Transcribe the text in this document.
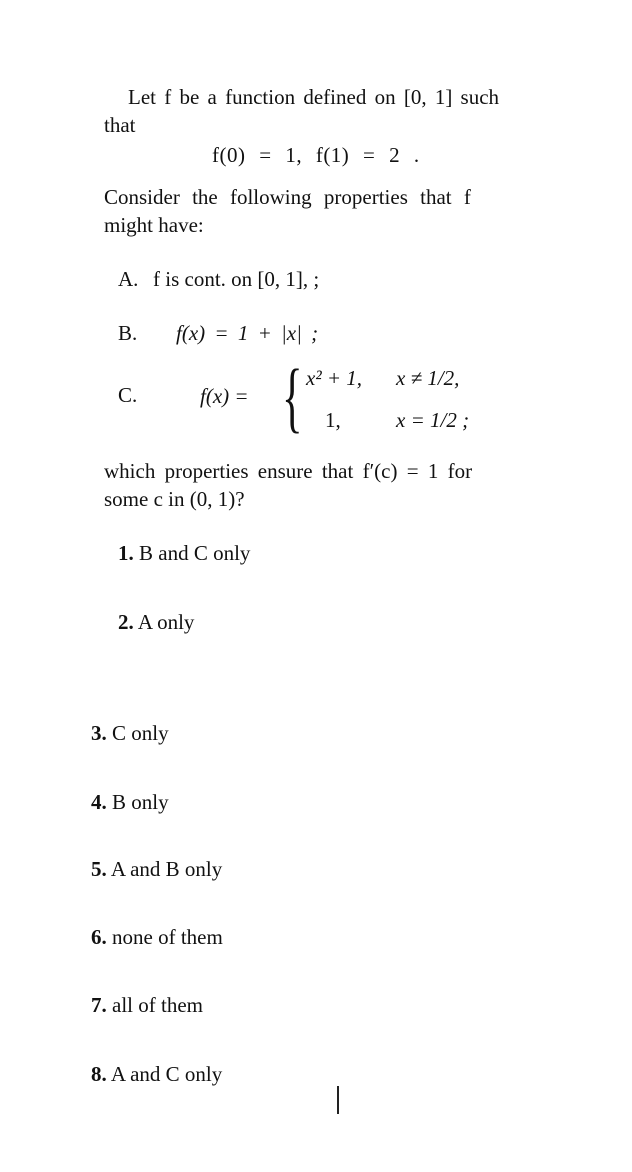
Let f be a function defined on [0, 1] such
that
f(0) = 1, f(1) = 2 .
Consider the following properties that f
might have:
A. f is cont. on [0, 1], ;
B. f(x) = 1 + |x| ;
C.	f(x) = { x² + 1, x ≠ 1/2,
1,	x = 1/2 ;
which properties ensure that f′(c) = 1 for
some c in (0, 1)?
1. B and C only
2. A only
3. C only
4. B only
5. A and B only
6. none of them
7. all of them
8. A and C only
